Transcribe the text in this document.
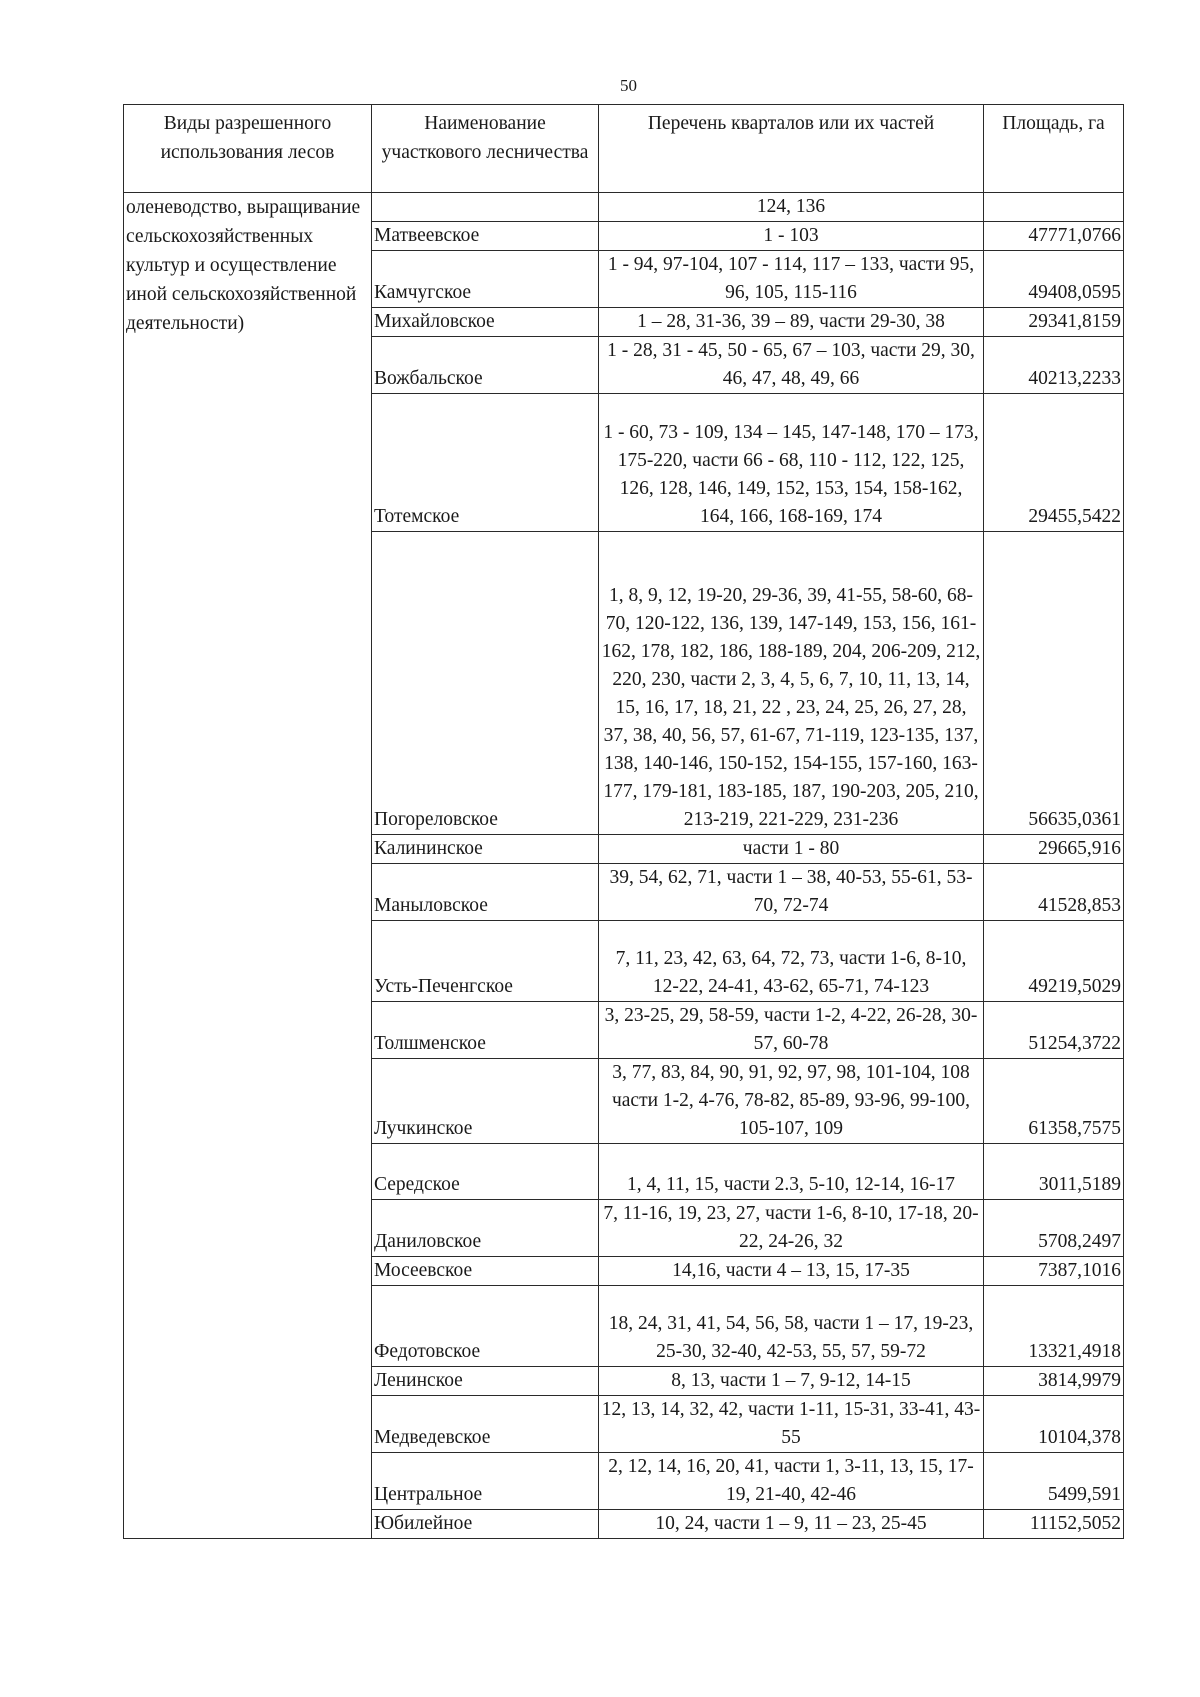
50
Виды разрешенного использования лесов	Наименование участкового лесничества	Перечень кварталов или их частей	Площадь, га
оленеводство, выращивание сельскохозяйственных культур и осуществление иной сельскохозяйственной деятельности)		124, 136	
	Матвеевское	1 - 103	47771,0766
	Камчугское	1 - 94, 97-104, 107 - 114, 117 – 133, части 95, 96, 105, 115-116	49408,0595
	Михайловское	1 – 28, 31-36, 39 – 89, части 29-30, 38	29341,8159
	Вожбальское	1 - 28, 31 - 45, 50 - 65, 67 – 103, части 29, 30, 46, 47, 48, 49, 66	40213,2233
	Тотемское	1 - 60, 73 - 109, 134 – 145, 147-148, 170 – 173, 175-220, части 66 - 68, 110 - 112, 122, 125, 126, 128, 146, 149, 152, 153, 154, 158-162, 164, 166, 168-169, 174	29455,5422
	Погореловское	1, 8, 9, 12, 19-20, 29-36, 39, 41-55, 58-60, 68-70, 120-122, 136, 139, 147-149, 153, 156, 161-162, 178, 182, 186, 188-189, 204, 206-209, 212, 220, 230, части 2, 3, 4, 5, 6, 7, 10, 11, 13, 14, 15, 16, 17, 18, 21, 22 , 23, 24, 25, 26, 27, 28, 37, 38, 40, 56, 57, 61-67, 71-119, 123-135, 137, 138, 140-146, 150-152, 154-155, 157-160, 163-177, 179-181, 183-185, 187, 190-203, 205, 210, 213-219, 221-229, 231-236	56635,0361
	Калининское	части 1 - 80	29665,916
	Маныловское	39, 54, 62, 71, части 1 – 38, 40-53, 55-61, 53-70, 72-74	41528,853
	Усть-Печенгское	7, 11, 23, 42, 63, 64, 72, 73, части 1-6, 8-10, 12-22, 24-41, 43-62, 65-71, 74-123	49219,5029
	Толшменское	3, 23-25, 29, 58-59, части 1-2, 4-22, 26-28, 30-57, 60-78	51254,3722
	Лучкинское	3, 77, 83, 84, 90, 91, 92, 97, 98, 101-104, 108 части 1-2, 4-76, 78-82, 85-89, 93-96, 99-100, 105-107, 109	61358,7575
	Середское	1, 4, 11, 15, части 2.3, 5-10, 12-14, 16-17	3011,5189
	Даниловское	7, 11-16, 19, 23, 27, части 1-6, 8-10, 17-18, 20-22, 24-26, 32	5708,2497
	Мосеевское	14,16, части 4 – 13, 15, 17-35	7387,1016
	Федотовское	18, 24, 31, 41, 54, 56, 58, части 1 – 17, 19-23, 25-30, 32-40, 42-53, 55, 57, 59-72	13321,4918
	Ленинское	8, 13, части 1 – 7, 9-12, 14-15	3814,9979
	Медведевское	12, 13, 14, 32, 42, части 1-11, 15-31, 33-41, 43-55	10104,378
	Центральное	2, 12, 14, 16, 20, 41, части 1, 3-11, 13, 15, 17-19, 21-40, 42-46	5499,591
	Юбилейное	10, 24, части 1 – 9, 11 – 23, 25-45	11152,5052
